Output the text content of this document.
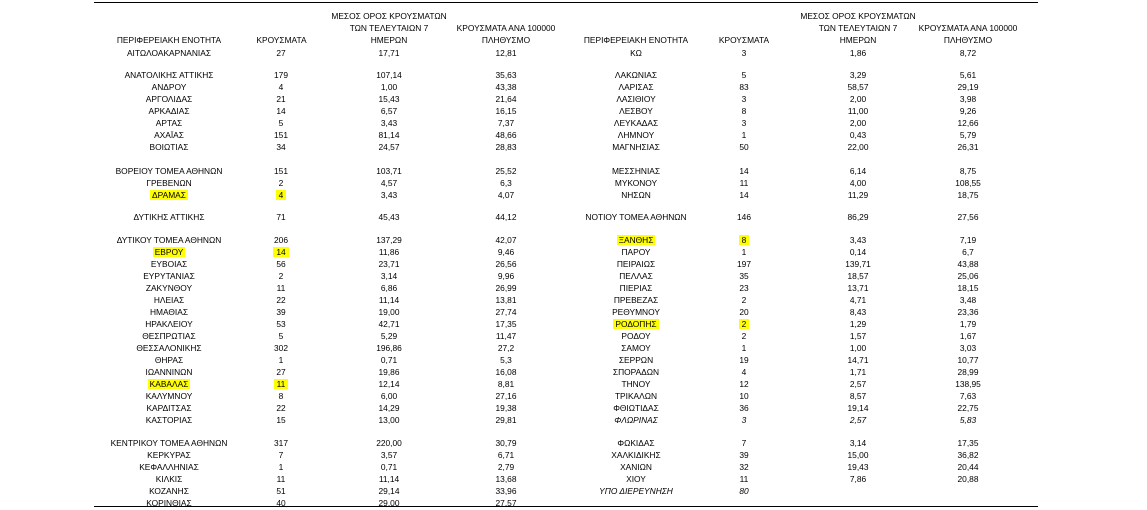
ΠΕΡΙΦΕΡΕΙΑΚΗ ΕΝΟΤΗΤΑ	ΚΡΟΥΣΜΑΤΑ
ΜΕΣΟΣ ΟΡΟΣ ΚΡΟΥΣΜΑΤΩΝ
ΤΩΝ ΤΕΛΕΥΤΑΙΩΝ 7
ΗΜΕΡΩΝ
ΚΡΟΥΣΜΑΤΑ ΑΝΑ 100000
ΠΛΗΘΥΣΜΟ	ΠΕΡΙΦΕΡΕΙΑΚΗ ΕΝΟΤΗΤΑ	ΚΡΟΥΣΜΑΤΑ
ΜΕΣΟΣ ΟΡΟΣ ΚΡΟΥΣΜΑΤΩΝ
ΤΩΝ ΤΕΛΕΥΤΑΙΩΝ 7
ΗΜΕΡΩΝ
ΚΡΟΥΣΜΑΤΑ ΑΝΑ 100000
ΠΛΗΘΥΣΜΟ
ΑΙΤΩΛΟΑΚΑΡΝΑΝΙΑΣ	27	17,71	12,81
ΑΝΑΤΟΛΙΚΗΣ ΑΤΤΙΚΗΣ	179	107,14	35,63
ΑΝΔΡΟΥ	4	1,00	43,38
ΑΡΓΟΛΙΔΑΣ	21	15,43	21,64
ΑΡΚΑΔΙΑΣ	14	6,57	16,15
ΑΡΤΑΣ	5	3,43	7,37
ΑΧΑΪΑΣ	151	81,14	48,66
ΒΟΙΩΤΙΑΣ	34	24,57	28,83
ΒΟΡΕΙΟΥ ΤΟΜΕΑ ΑΘΗΝΩΝ	151	103,71	25,52
ΓΡΕΒΕΝΩΝ	2	4,57	6,3
ΔΡΑΜΑΣ	4	3,43	4,07
ΔΥΤΙΚΗΣ ΑΤΤΙΚΗΣ	71	45,43	44,12
ΔΥΤΙΚΟΥ ΤΟΜΕΑ ΑΘΗΝΩΝ	206	137,29	42,07
ΕΒΡΟΥ	14	11,86	9,46
ΕΥΒΟΙΑΣ	56	23,71	26,56
ΕΥΡΥΤΑΝΙΑΣ	2	3,14	9,96
ΖΑΚΥΝΘΟΥ	11	6,86	26,99
ΗΛΕΙΑΣ	22	11,14	13,81
ΗΜΑΘΙΑΣ	39	19,00	27,74
ΗΡΑΚΛΕΙΟΥ	53	42,71	17,35
ΘΕΣΠΡΩΤΙΑΣ	5	5,29	11,47
ΘΕΣΣΑΛΟΝΙΚΗΣ	302	196,86	27,2
ΘΗΡΑΣ	1	0,71	5,3
ΙΩΑΝΝΙΝΩΝ	27	19,86	16,08
ΚΑΒΑΛΑΣ	11	12,14	8,81
ΚΑΛΥΜΝΟΥ	8	6,00	27,16
ΚΑΡΔΙΤΣΑΣ	22	14,29	19,38
ΚΑΣΤΟΡΙΑΣ	15	13,00	29,81
ΚΕΝΤΡΙΚΟΥ ΤΟΜΕΑ ΑΘΗΝΩΝ	317	220,00	30,79
ΚΕΡΚΥΡΑΣ	7	3,57	6,71
ΚΕΦΑΛΛΗΝΙΑΣ	1	0,71	2,79
ΚΙΛΚΙΣ	11	11,14	13,68
ΚΟΖΑΝΗΣ	51	29,14	33,96
ΚΟΡΙΝΘΙΑΣ	40	29,00	27,57
ΚΩ	3	1,86	8,72
ΛΑΚΩΝΙΑΣ	5	3,29	5,61
ΛΑΡΙΣΑΣ	83	58,57	29,19
ΛΑΣΙΘΙΟΥ	3	2,00	3,98
ΛΕΣΒΟΥ	8	11,00	9,26
ΛΕΥΚΑΔΑΣ	3	2,00	12,66
ΛΗΜΝΟΥ	1	0,43	5,79
ΜΑΓΝΗΣΙΑΣ	50	22,00	26,31
ΜΕΣΣΗΝΙΑΣ	14	6,14	8,75
ΜΥΚΟΝΟΥ	11	4,00	108,55
ΝΗΣΩΝ	14	11,29	18,75
ΝΟΤΙΟΥ ΤΟΜΕΑ ΑΘΗΝΩΝ	146	86,29	27,56
ΞΑΝΘΗΣ	8	3,43	7,19
ΠΑΡΟΥ	1	0,14	6,7
ΠΕΙΡΑΙΩΣ	197	139,71	43,88
ΠΕΛΛΑΣ	35	18,57	25,06
ΠΙΕΡΙΑΣ	23	13,71	18,15
ΠΡΕΒΕΖΑΣ	2	4,71	3,48
ΡΕΘΥΜΝΟΥ	20	8,43	23,36
ΡΟΔΟΠΗΣ	2	1,29	1,79
ΡΟΔΟΥ	2	1,57	1,67
ΣΑΜΟΥ	1	1,00	3,03
ΣΕΡΡΩΝ	19	14,71	10,77
ΣΠΟΡΑΔΩΝ	4	1,71	28,99
ΤΗΝΟΥ	12	2,57	138,95
ΤΡΙΚΑΛΩΝ	10	8,57	7,63
ΦΘΙΩΤΙΔΑΣ	36	19,14	22,75
ΦΛΩΡΙΝΑΣ	3	2,57	5,83
ΦΩΚΙΔΑΣ	7	3,14	17,35
ΧΑΛΚΙΔΙΚΗΣ	39	15,00	36,82
ΧΑΝΙΩΝ	32	19,43	20,44
ΧΙΟΥ	11	7,86	20,88
ΥΠΟ ΔΙΕΡΕΥΝΗΣΗ	80
